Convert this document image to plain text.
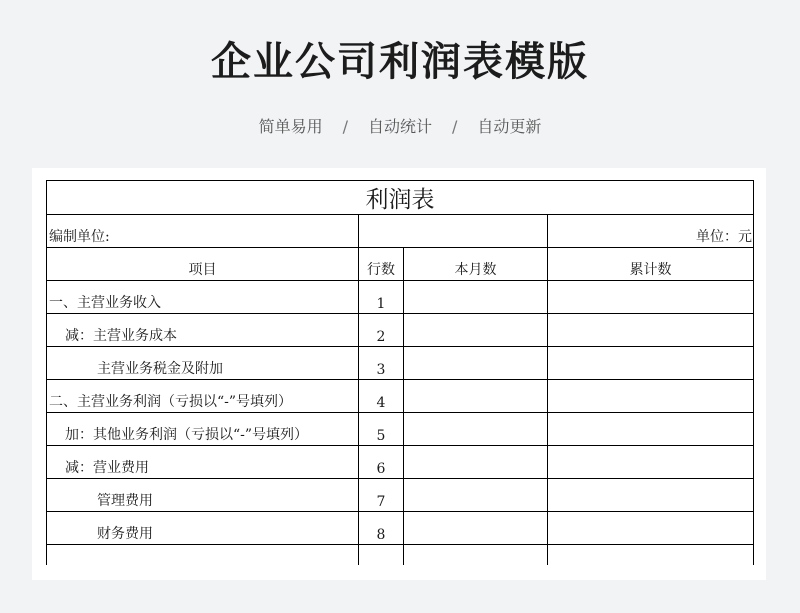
企业公司利润表模版
简单易用 / 自动统计 / 自动更新
利润表			
编制单位:			单位：元
项目	行数	本月数	累计数
一、主营业务收入	1		
减：主营业务成本	2		
主营业务税金及附加	3		
二、主营业务利润（亏损以“-”号填列）	4		
加：其他业务利润（亏损以“-”号填列）	5		
减：营业费用	6		
管理费用	7		
财务费用	8		
